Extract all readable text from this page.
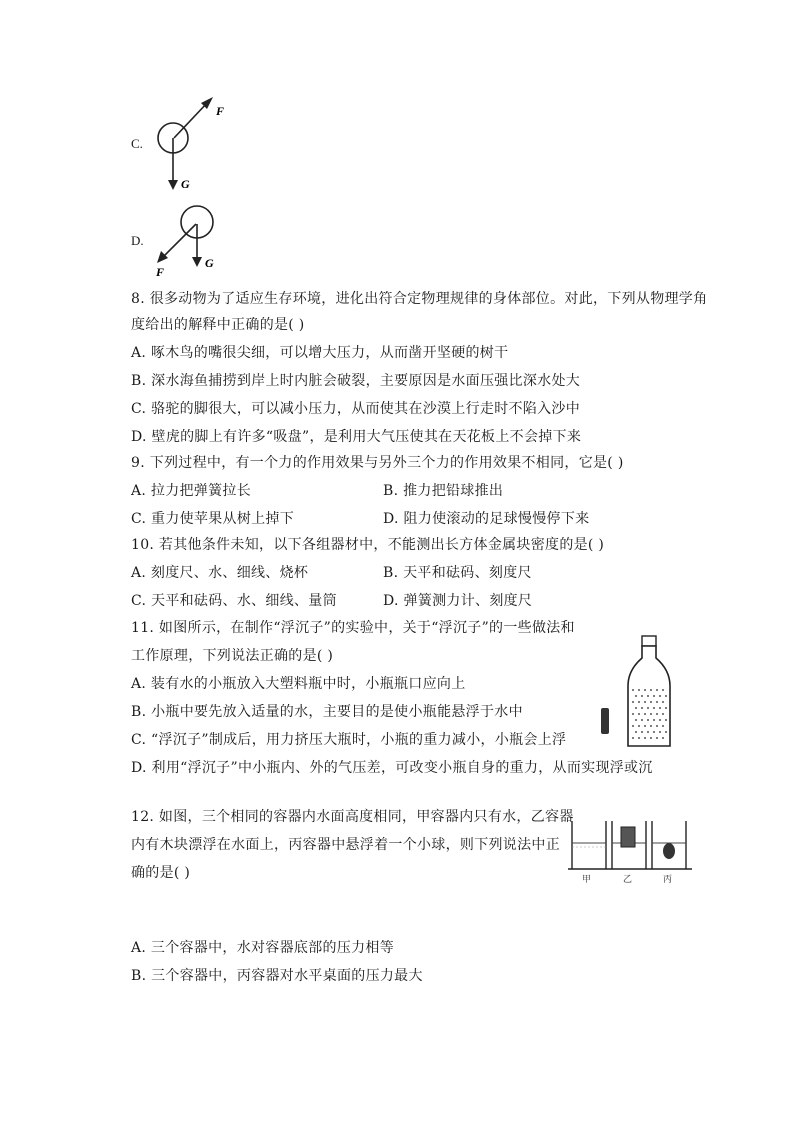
C.
F
G
D.
F
G
8. 很多动物为了适应生存环境，进化出符合定物理规律的身体部位。对此，下列从物理学角
度给出的解释中正确的是( )
A. 啄木鸟的嘴很尖细，可以增大压力，从而凿开坚硬的树干
B. 深水海鱼捕捞到岸上时内脏会破裂，主要原因是水面压强比深水处大
C. 骆驼的脚很大，可以减小压力，从而使其在沙漠上行走时不陷入沙中
D. 壁虎的脚上有许多“吸盘”，是利用大气压使其在天花板上不会掉下来
9. 下列过程中，有一个力的作用效果与另外三个力的作用效果不相同，它是( )
A. 拉力把弹簧拉长	B. 推力把铅球推出
C. 重力使苹果从树上掉下	D. 阻力使滚动的足球慢慢停下来
10. 若其他条件未知，以下各组器材中，不能测出长方体金属块密度的是( )
A. 刻度尺、水、细线、烧杯	B. 天平和砝码、刻度尺
C. 天平和砝码、水、细线、量筒	D. 弹簧测力计、刻度尺
11. 如图所示，在制作“浮沉子”的实验中，关于“浮沉子”的一些做法和
工作原理，下列说法正确的是( )
A. 装有水的小瓶放入大塑料瓶中时，小瓶瓶口应向上
B. 小瓶中要先放入适量的水，主要目的是使小瓶能悬浮于水中
C. “浮沉子”制成后，用力挤压大瓶时，小瓶的重力减小，小瓶会上浮
D. 利用“浮沉子”中小瓶内、外的气压差，可改变小瓶自身的重力，从而实现浮或沉
12. 如图，三个相同的容器内水面高度相同，甲容器内只有水，乙容器
内有木块漂浮在水面上，丙容器中悬浮着一个小球，则下列说法中正
确的是( )	甲	乙	丙
A. 三个容器中，水对容器底部的压力相等
B. 三个容器中，丙容器对水平桌面的压力最大
